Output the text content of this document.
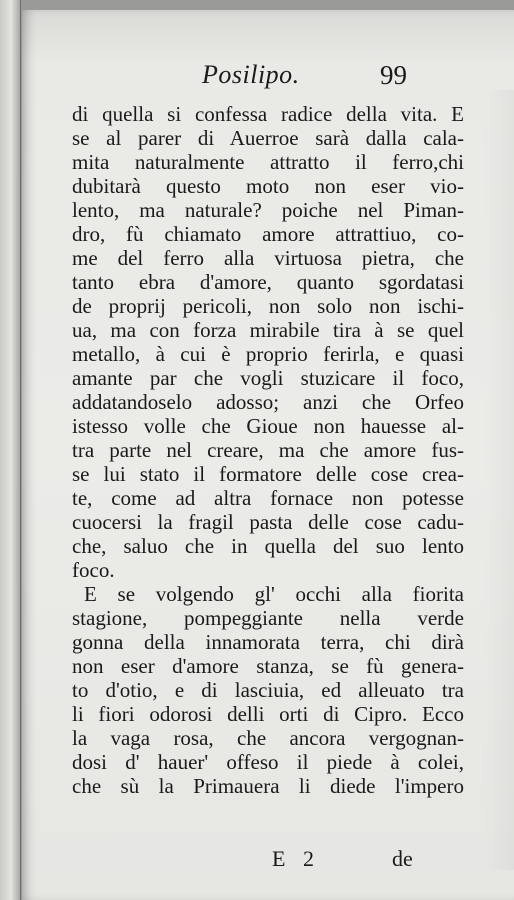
Posilipo.	99
di quella si confessa radice della vita. E
se al parer di Auerroe sarà dalla cala-
mita naturalmente attratto il ferro,chi
dubitarà questo moto non eser vio-
lento, ma naturale? poiche nel Piman-
dro, fù chiamato amore attrattiuo, co-
me del ferro alla virtuosa pietra, che
tanto ebra d'amore, quanto sgordatasi
de proprij pericoli, non solo non ischi-
ua, ma con forza mirabile tira à se quel
metallo, à cui è proprio ferirla, e quasi
amante par che vogli stuzicare il foco,
addatandoselo adosso; anzi che Orfeo
istesso volle che Gioue non hauesse al-
tra parte nel creare, ma che amore fus-
se lui stato il formatore delle cose crea-
te, come ad altra fornace non potesse
cuocersi la fragil pasta delle cose cadu-
che, saluo che in quella del suo lento
foco.
E se volgendo gl' occhi alla fiorita
stagione, pompeggiante nella verde
gonna della innamorata terra, chi dirà
non eser d'amore stanza, se fù genera-
to d'otio, e di lasciuia, ed alleuato tra
li fiori odorosi delli orti di Cipro. Ecco
la vaga rosa, che ancora vergognan-
dosi d' hauer' offeso il piede à colei,
che sù la Primauera li diede l'impero
E 2	de
